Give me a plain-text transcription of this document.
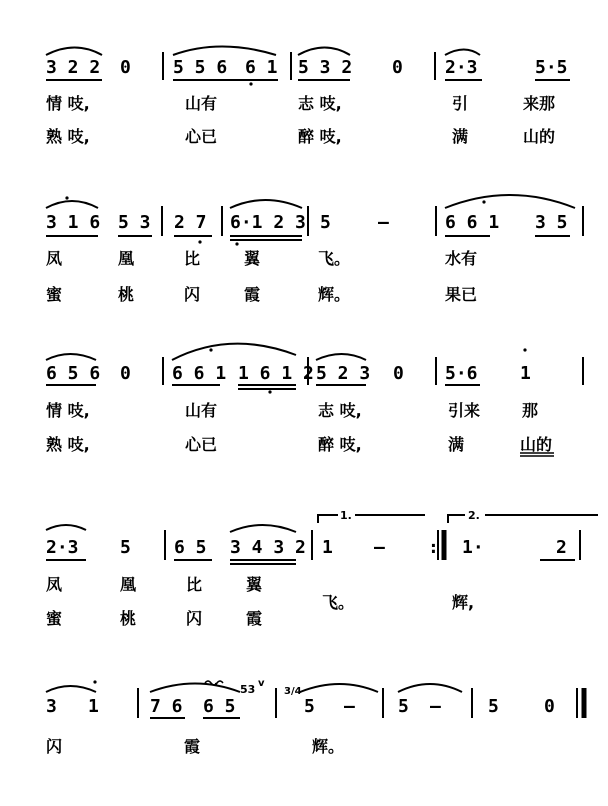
3 2 2 0 5 5 6 6 1 5 3 2 0 2·3	5·5
情 吱,	山有	志 吱,	引	来那
熟 吱,	心已	醉 吱,	满	山的
3 1 6 5 3 2 7 6·1 2 3 5	—	6 6 1 3 5
凤	凰	比	翼	飞。	水有
蜜	桃	闪	霞	辉。	果已
6 5 6 0 6 6 1 1 6 1 2 5 2 3 0 5·6 1
情 吱,	山有	志 吱,	引来	那
熟 吱,	心已	醉 吱,	满	山的
1.	2.
2·3 5 6 5 3 4 3 2 1 — : 1·	2
凤	凰	比	翼
飞。	辉,
蜜	桃	闪	霞
3 1	7 6 6 5
53 v
3/4
5 — 5 —	5	0
闪	霞	辉。
